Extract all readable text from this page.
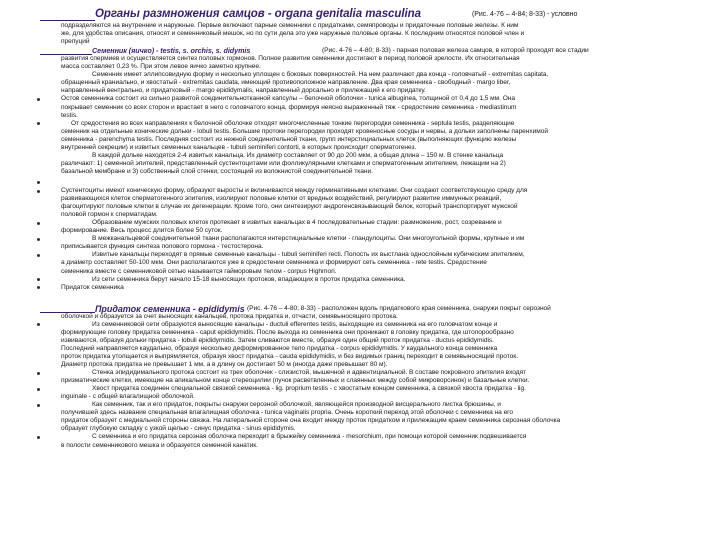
Органы размножения самцов - organa genitalia masculina	(Рис. 4-76 – 4-84; 8-33) - условно
подразделяются на внутренние и наружные. Первые включают парные семенники с придатками, семяпроводы и придаточные половые железы. К ним
же, для удобства описания, относят и семенниковый мешок, но по сути дела это уже наружные половые органы. К последним относятся половой член и
препуций
Семенник (яичко) - testis, s. orchis, s. didymis	(Рис. 4-76 – 4-80; 8-33) - парная половая железа самцов, в которой проходят все стадии
развития спермиев и осуществляется синтез половых гормонов. Полное развитие семенники достигают в период половой зрелости. Их относительная
масса составляет 0,23 %. При этом левое яичко заметно крупнее.
Семенник имеет эллипсовидную форму и несколько уплощен с боковых поверхностей. На нем различают два конца - головчатый - extremitas capitata,
обращенный краниально, и хвостатый - extremitas caudata, имеющий противоположное направление. Два края семенника - свободный - margo liber,
направленный вентрально, и придатковый - margo epididymalis, направленный дорсально и прилежащий к его придатку.
Остов семенника состоит из сильно развитой соединительнотканной капсулы – белочной оболочки - tunica albuginea, толщиной от 0,4 до 1,5 мм. Она
покрывает семенник со всех сторон и врастает в него с головчатого конца, формируя неясно выраженный тяж - средостение семенника - mediastinum
testis.
От средостения во всех направлениях к белочной оболочке отходят многочисленные тонкие перегородки семенника - septula testis, разделяющие
семенник на отдельные конические дольки - lobuli testis. Большие протоки перегородки проходят кровеносные сосуды и нервы, а дольки заполнены паренхимой
семенника - parenchyma testis. Последняя состоит из нежной соединительной ткани, групп интерстициальных клеток (выполняющих функцию железы
внутренней секреции) и извитых семенных канальцев - tubuli seminiferi contorti, в которых происходит сперматогенез.
В каждой дольке находятся 2-4 извитых канальца. Их диаметр составляет от 90 до 200 мкм, а общая длина – 150 м. В стенке канальца
различают: 1) семенной эпителий, представленный сустентоцитами или фолликулярными клетками и сперматогенным эпителием, лежащим на 2)
базальной мембране и 3) собственный слой стенки, состоящий из волокнистой соединительной ткани.
Сустентоциты имеют коническую форму, образуют выросты и вклиниваются между герминативными клетками. Они создают соответствующую среду для
развивающихся клеток сперматогенного эпителия, изолируют половые клетки от вредных воздействий, регулируют развитие иммунных реакций,
фагоцитируют половые клетки в случае их дегенерации. Кроме того, они синтезируют андрогенсвязывающий белок, который транспортирует мужской
половой гормон к сперматидам.
Образование мужских половых клеток протекает в извитых канальцах в 4 последовательные стадии: размножение, рост, созревание и
формирование. Весь процесс длится более 50 суток.
В межканальцевой соединительной ткани располагаются интерстициальные клетки - гландулоциты. Они многоугольной формы, крупные и им
приписывается функция синтеза полового гормона - тестостерона.
Извитые канальцы переходят в прямые семенные канальцы - tubuli seminiferi recti. Полость их выстлана однослойным кубическим эпителием,
а диаметр составляет 50-100 мкм. Они располагаются уже в средостении семенника и формируют сеть семенника - rete testis. Средостение
семенника вместе с семенниковой сетью называется гайморовым телом - corpus Highmori.
Из сети семенника берут начало 15-18 выносящих протоков, впадающих в проток придатка семенника.
Придаток семенника
Придаток семенника - epididymis (Рис. 4-76 – 4-80; 8-33) - расположен вдоль придаткового края семенника, снаружи покрыт серозной
оболочкой и образуется за счет выносящих канальцев, протока придатка и, отчасти, семявыносящего протока.
Из семенниковой сети образуются выносящие канальцы - ductuli efferentes testis, выходящие из семенника на его головчатом конце и
формирующие головку придатка семенника - caput epididymidis. После выхода из семенника они проникают в головку придатка, где штопорообразно
извиваются, образуя дольки придатка - lobuli epididymidis. Затем сливаются вместе, образуя один общий проток придатка - ductus epididymidis.
Последний направляется каудально, образуя несколько деформированное тело придатка - corpus epididymidis. У каудального конца семенника
проток придатка утолщается и выпрямляется, образуя хвост придатка - cauda epididymidis, и без видимых границ переходит в семявыносящий проток.
Диаметр протока придатка не превышает 1 мм, а в длину он достигает 50 м (иногда даже превышает 80 м).
Стенка эпидидимального протока состоит из трех оболочек - слизистой, мышечной и адвентициальной. В составе покровного эпителия входят
призматические клетки, имеющие на апикальном конце стереоцилии (пучок расветвленных и слаянных между собой микроворсинок) и базальные клетки.
Хвост придатка соединен специальной связкой семенника - lig. proprium testis - с хвостатым концом семенника, а связкой хвоста придатка - lig.
inguinale - с общей влагалищной оболочкой.
Как семенник, так и его придаток, покрыты снаружи серозной оболочкой, являющейся производной висцерального листка брюшины, и
получившей здесь название специальная влагалищная оболочка - tunica vaginalis propria. Очень короткий переход этой оболочки с семенника на его
придаток образует с медиальной стороны связка. На латеральной стороне она входит между проток придатком и прилежащим краем семенника серозная оболочка
образует глубокую складку с узкой щелью - синус придатка - sinus epididymis.
С семенника и его придатка серозная оболочка переходит в брыжейку семенника - mesorchium, при помощи которой семенник подвешивается
в полости семенникового мешка и образуется семенной канатик.
